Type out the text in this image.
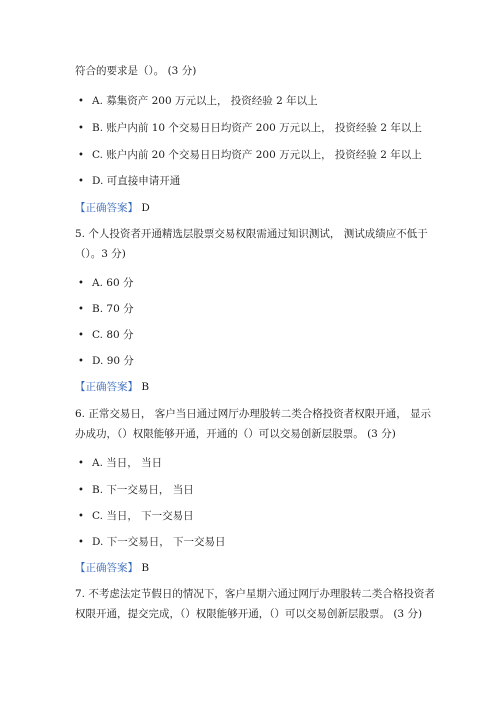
符合的要求是（）。 (3 分)
• A. 募集资产 200 万元以上， 投资经验 2 年以上
• B. 账户内前 10 个交易日日均资产 200 万元以上， 投资经验 2 年以上
• C. 账户内前 20 个交易日日均资产 200 万元以上， 投资经验 2 年以上
• D. 可直接申请开通
【正确答案】 D
5. 个人投资者开通精选层股票交易权限需通过知识测试， 测试成绩应不低于
（）。3 分)
• A. 60 分
• B. 70 分
• C. 80 分
• D. 90 分
【正确答案】 B
6. 正常交易日， 客户当日通过网厅办理股转二类合格投资者权限开通， 显示
办成功，（）权限能够开通，开通的（）可以交易创新层股票。 (3 分)
• A. 当日， 当日
• B. 下一交易日， 当日
• C. 当日， 下一交易日
• D. 下一交易日， 下一交易日
【正确答案】 B
7. 不考虑法定节假日的情况下，客户星期六通过网厅办理股转二类合格投资者
权限开通，提交完成，（）权限能够开通，（）可以交易创新层股票。 (3 分)
